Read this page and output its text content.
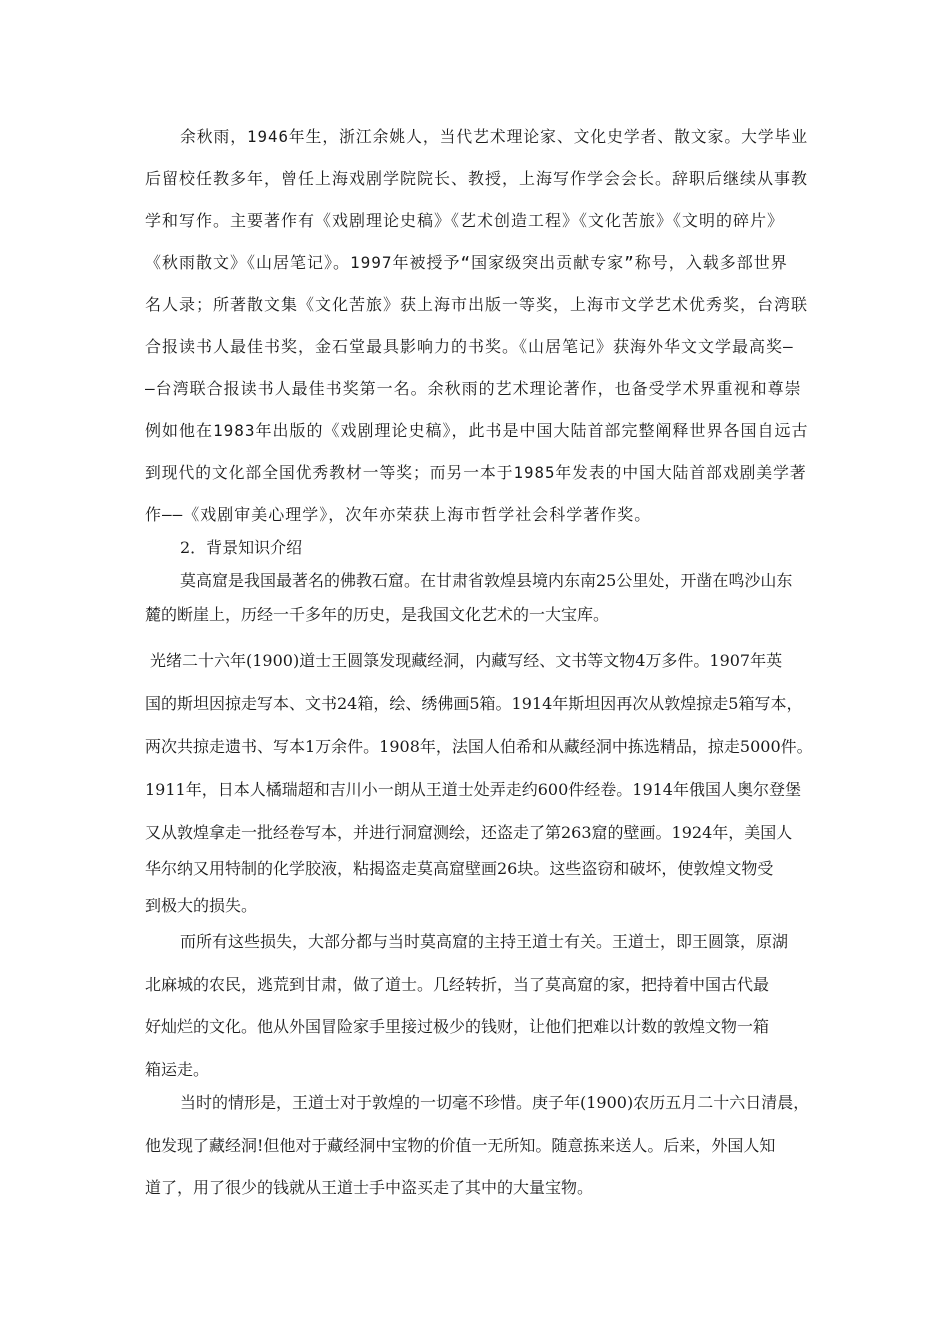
余秋雨，1946年生，浙江余姚人，当代艺术理论家、文化史学者、散文家。大学毕业
后留校任教多年，曾任上海戏剧学院院长、教授，上海写作学会会长。辞职后继续从事教
学和写作。主要著作有《戏剧理论史稿》《艺术创造工程》《文化苦旅》《文明的碎片》
《秋雨散文》《山居笔记》。1997年被授予“国家级突出贡献专家”称号，入载多部世界
名人录；所著散文集《文化苦旅》获上海市出版一等奖，上海市文学艺术优秀奖，台湾联
合报读书人最佳书奖，金石堂最具影响力的书奖。《山居笔记》获海外华文文学最高奖—
—台湾联合报读书人最佳书奖第一名。余秋雨的艺术理论著作，也备受学术界重视和尊崇
例如他在1983年出版的《戏剧理论史稿》，此书是中国大陆首部完整阐释世界各国自远古
到现代的文化部全国优秀教材一等奖；而另一本于1985年发表的中国大陆首部戏剧美学著
作——《戏剧审美心理学》，次年亦荣获上海市哲学社会科学著作奖。
2．背景知识介绍
莫高窟是我国最著名的佛教石窟。在甘肃省敦煌县境内东南25公里处，开凿在鸣沙山东
麓的断崖上，历经一千多年的历史，是我国文化艺术的一大宝库。
光绪二十六年(1900)道士王圆箓发现藏经洞，内藏写经、文书等文物4万多件。1907年英
国的斯坦因掠走写本、文书24箱，绘、绣佛画5箱。1914年斯坦因再次从敦煌掠走5箱写本，
两次共掠走遗书、写本1万余件。1908年，法国人伯希和从藏经洞中拣选精品，掠走5000件。
1911年，日本人橘瑞超和吉川小一朗从王道士处弄走约600件经卷。1914年俄国人奥尔登堡
又从敦煌拿走一批经卷写本，并进行洞窟测绘，还盗走了第263窟的壁画。1924年，美国人
华尔纳又用特制的化学胶液，粘揭盗走莫高窟壁画26块。这些盗窃和破坏，使敦煌文物受
到极大的损失。
而所有这些损失，大部分都与当时莫高窟的主持王道士有关。王道士，即王圆箓，原湖
北麻城的农民，逃荒到甘肃，做了道士。几经转折，当了莫高窟的家，把持着中国古代最
好灿烂的文化。他从外国冒险家手里接过极少的钱财，让他们把难以计数的敦煌文物一箱
箱运走。
当时的情形是，王道士对于敦煌的一切毫不珍惜。庚子年(1900)农历五月二十六日清晨，
他发现了藏经洞!但他对于藏经洞中宝物的价值一无所知。随意拣来送人。后来，外国人知
道了，用了很少的钱就从王道士手中盗买走了其中的大量宝物。
